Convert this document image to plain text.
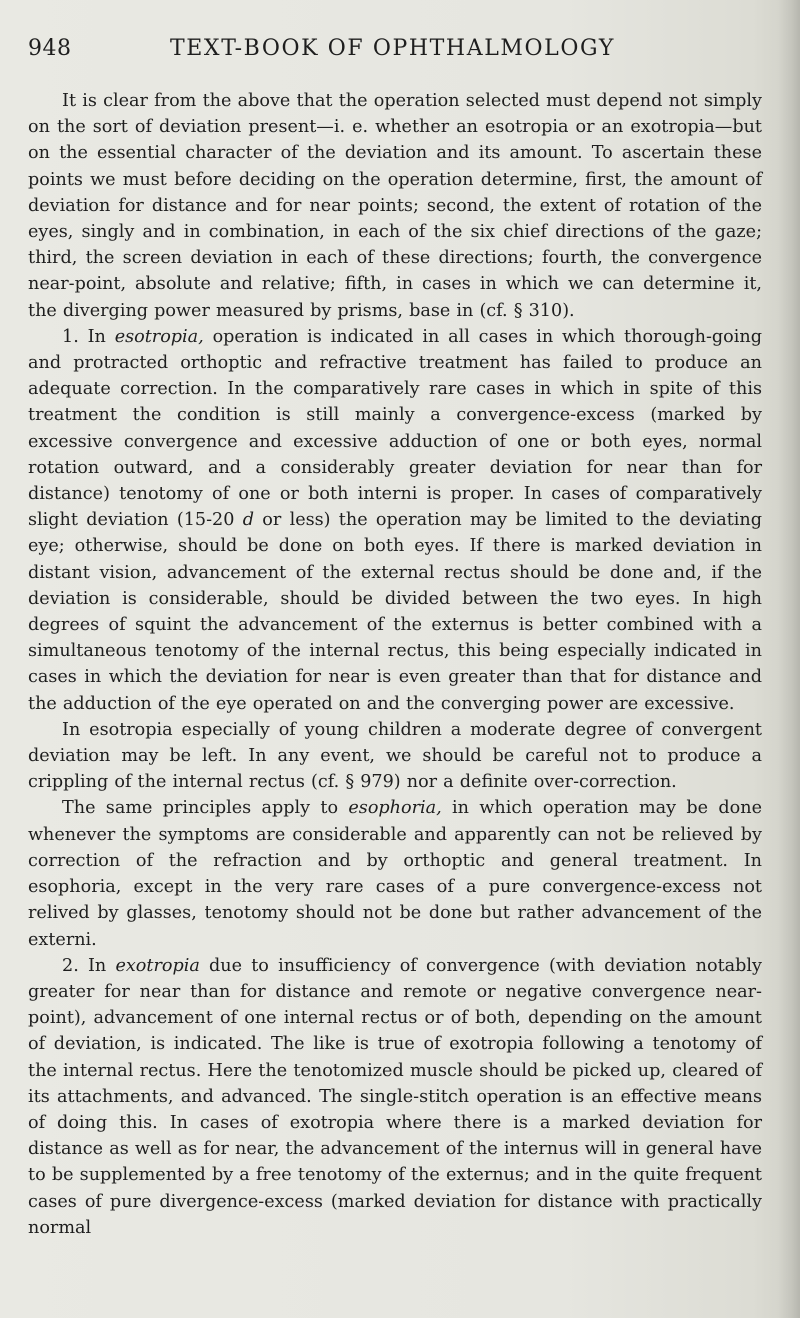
948	TEXT-BOOK OF OPHTHALMOLOGY

It is clear from the above that the operation selected must depend not simply on the sort of deviation present—i. e. whether an esotropia or an exotropia—but on the essential character of the deviation and its amount. To ascertain these points we must before deciding on the operation determine, first, the amount of deviation for distance and for near points; second, the extent of rotation of the eyes, singly and in combination, in each of the six chief directions of the gaze; third, the screen deviation in each of these directions; fourth, the convergence near-point, absolute and relative; fifth, in cases in which we can determine it, the diverging power measured by prisms, base in (cf. § 310).

1. In esotropia, operation is indicated in all cases in which thorough-going and protracted orthoptic and refractive treatment has failed to produce an adequate correction. In the comparatively rare cases in which in spite of this treatment the condition is still mainly a convergence-excess (marked by excessive convergence and excessive adduction of one or both eyes, normal rotation outward, and a considerably greater deviation for near than for distance) tenotomy of one or both interni is proper. In cases of comparatively slight deviation (15-20 d or less) the operation may be limited to the deviating eye; otherwise, should be done on both eyes. If there is marked deviation in distant vision, advancement of the external rectus should be done and, if the deviation is considerable, should be divided between the two eyes. In high degrees of squint the advancement of the externus is better combined with a simultaneous tenotomy of the internal rectus, this being especially indicated in cases in which the deviation for near is even greater than that for distance and the adduction of the eye operated on and the converging power are excessive.

In esotropia especially of young children a moderate degree of convergent deviation may be left. In any event, we should be careful not to produce a crippling of the internal rectus (cf. § 979) nor a definite over-correction.

The same principles apply to esophoria, in which operation may be done whenever the symptoms are considerable and apparently can not be relieved by correction of the refraction and by orthoptic and general treatment. In esophoria, except in the very rare cases of a pure convergence-excess not relived by glasses, tenotomy should not be done but rather advancement of the externi.

2. In exotropia due to insufficiency of convergence (with deviation notably greater for near than for distance and remote or negative convergence near-point), advancement of one internal rectus or of both, depending on the amount of deviation, is indicated. The like is true of exotropia following a tenotomy of the internal rectus. Here the tenotomized muscle should be picked up, cleared of its attachments, and advanced. The single-stitch operation is an effective means of doing this. In cases of exotropia where there is a marked deviation for distance as well as for near, the advancement of the internus will in general have to be supplemented by a free tenotomy of the externus; and in the quite frequent cases of pure divergence-excess (marked deviation for distance with practically normal
